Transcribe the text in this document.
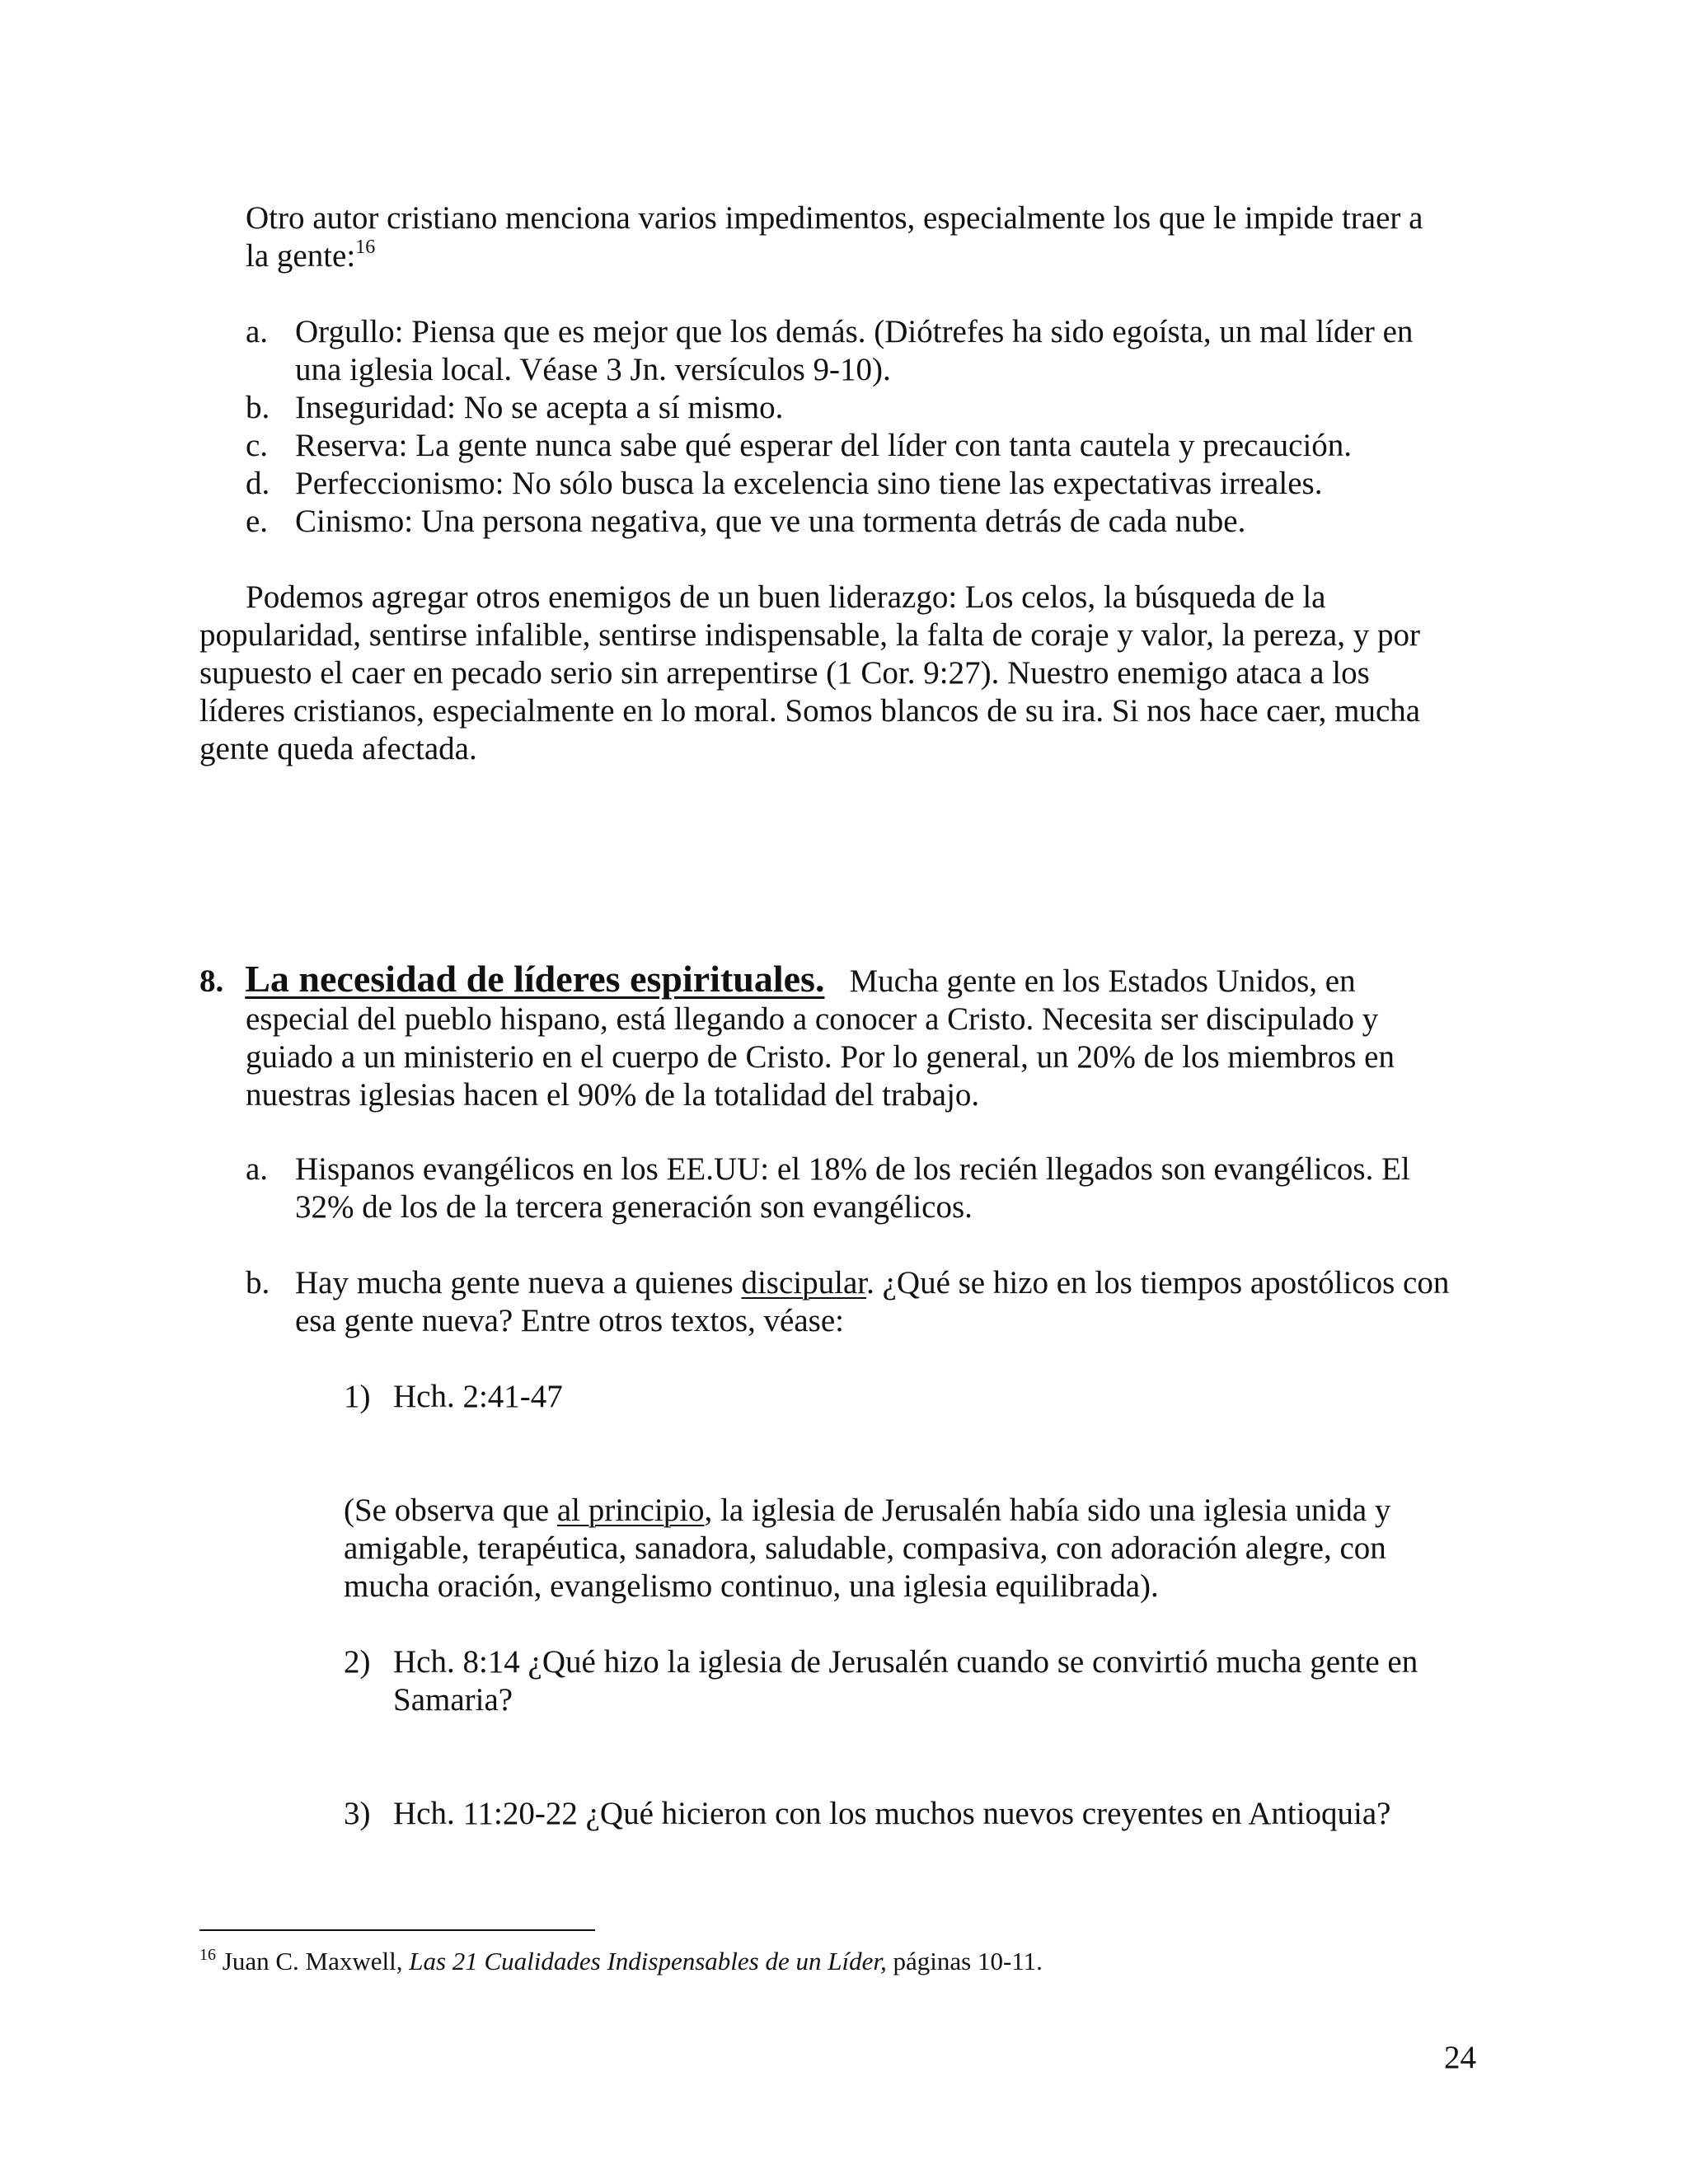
Otro autor cristiano menciona varios impedimentos, especialmente los que le impide traer a
la gente:$^{16}$

a. Orgullo: Piensa que es mejor que los demás. (Diótrefes ha sido egoísta, un mal líder en
una iglesia local. Véase 3 Jn. versículos 9-10).
b. Inseguridad: No se acepta a sí mismo.
c. Reserva: La gente nunca sabe qué esperar del líder con tanta cautela y precaución.
d. Perfeccionismo: No sólo busca la excelencia sino tiene las expectativas irreales.
e. Cinismo: Una persona negativa, que ve una tormenta detrás de cada nube.

Podemos agregar otros enemigos de un buen liderazgo: Los celos, la búsqueda de la
popularidad, sentirse infalible, sentirse indispensable, la falta de coraje y valor, la pereza, y por
supuesto el caer en pecado serio sin arrepentirse (1 Cor. 9:27). Nuestro enemigo ataca a los
líderes cristianos, especialmente en lo moral. Somos blancos de su ira. Si nos hace caer, mucha
gente queda afectada.

8. La necesidad de líderes espirituales. Mucha gente en los Estados Unidos, en
especial del pueblo hispano, está llegando a conocer a Cristo. Necesita ser discipulado y
guiado a un ministerio en el cuerpo de Cristo. Por lo general, un 20% de los miembros en
nuestras iglesias hacen el 90% de la totalidad del trabajo.
a. Hispanos evangélicos en los EE.UU: el 18% de los recién llegados son evangélicos. El
32% de los de la tercera generación son evangélicos.
b. Hay mucha gente nueva a quienes discipular. ¿Qué se hizo en los tiempos apostólicos con
esa gente nueva? Entre otros textos, véase:
1) Hch. 2:41-47

(Se observa que al principio, la iglesia de Jerusalén había sido una iglesia unida y
amigable, terapéutica, sanadora, saludable, compasiva, con adoración alegre, con
mucha oración, evangelismo continuo, una iglesia equilibrada).

2) Hch. 8:14 ¿Qué hizo la iglesia de Jerusalén cuando se convirtió mucha gente en
Samaria?
3) Hch. 11:20-22 ¿Qué hicieron con los muchos nuevos creyentes en Antioquia?
$^{16}$ Juan C. Maxwell, Las 21 Cualidades Indispensables de un Líder, páginas 10-11.
24
